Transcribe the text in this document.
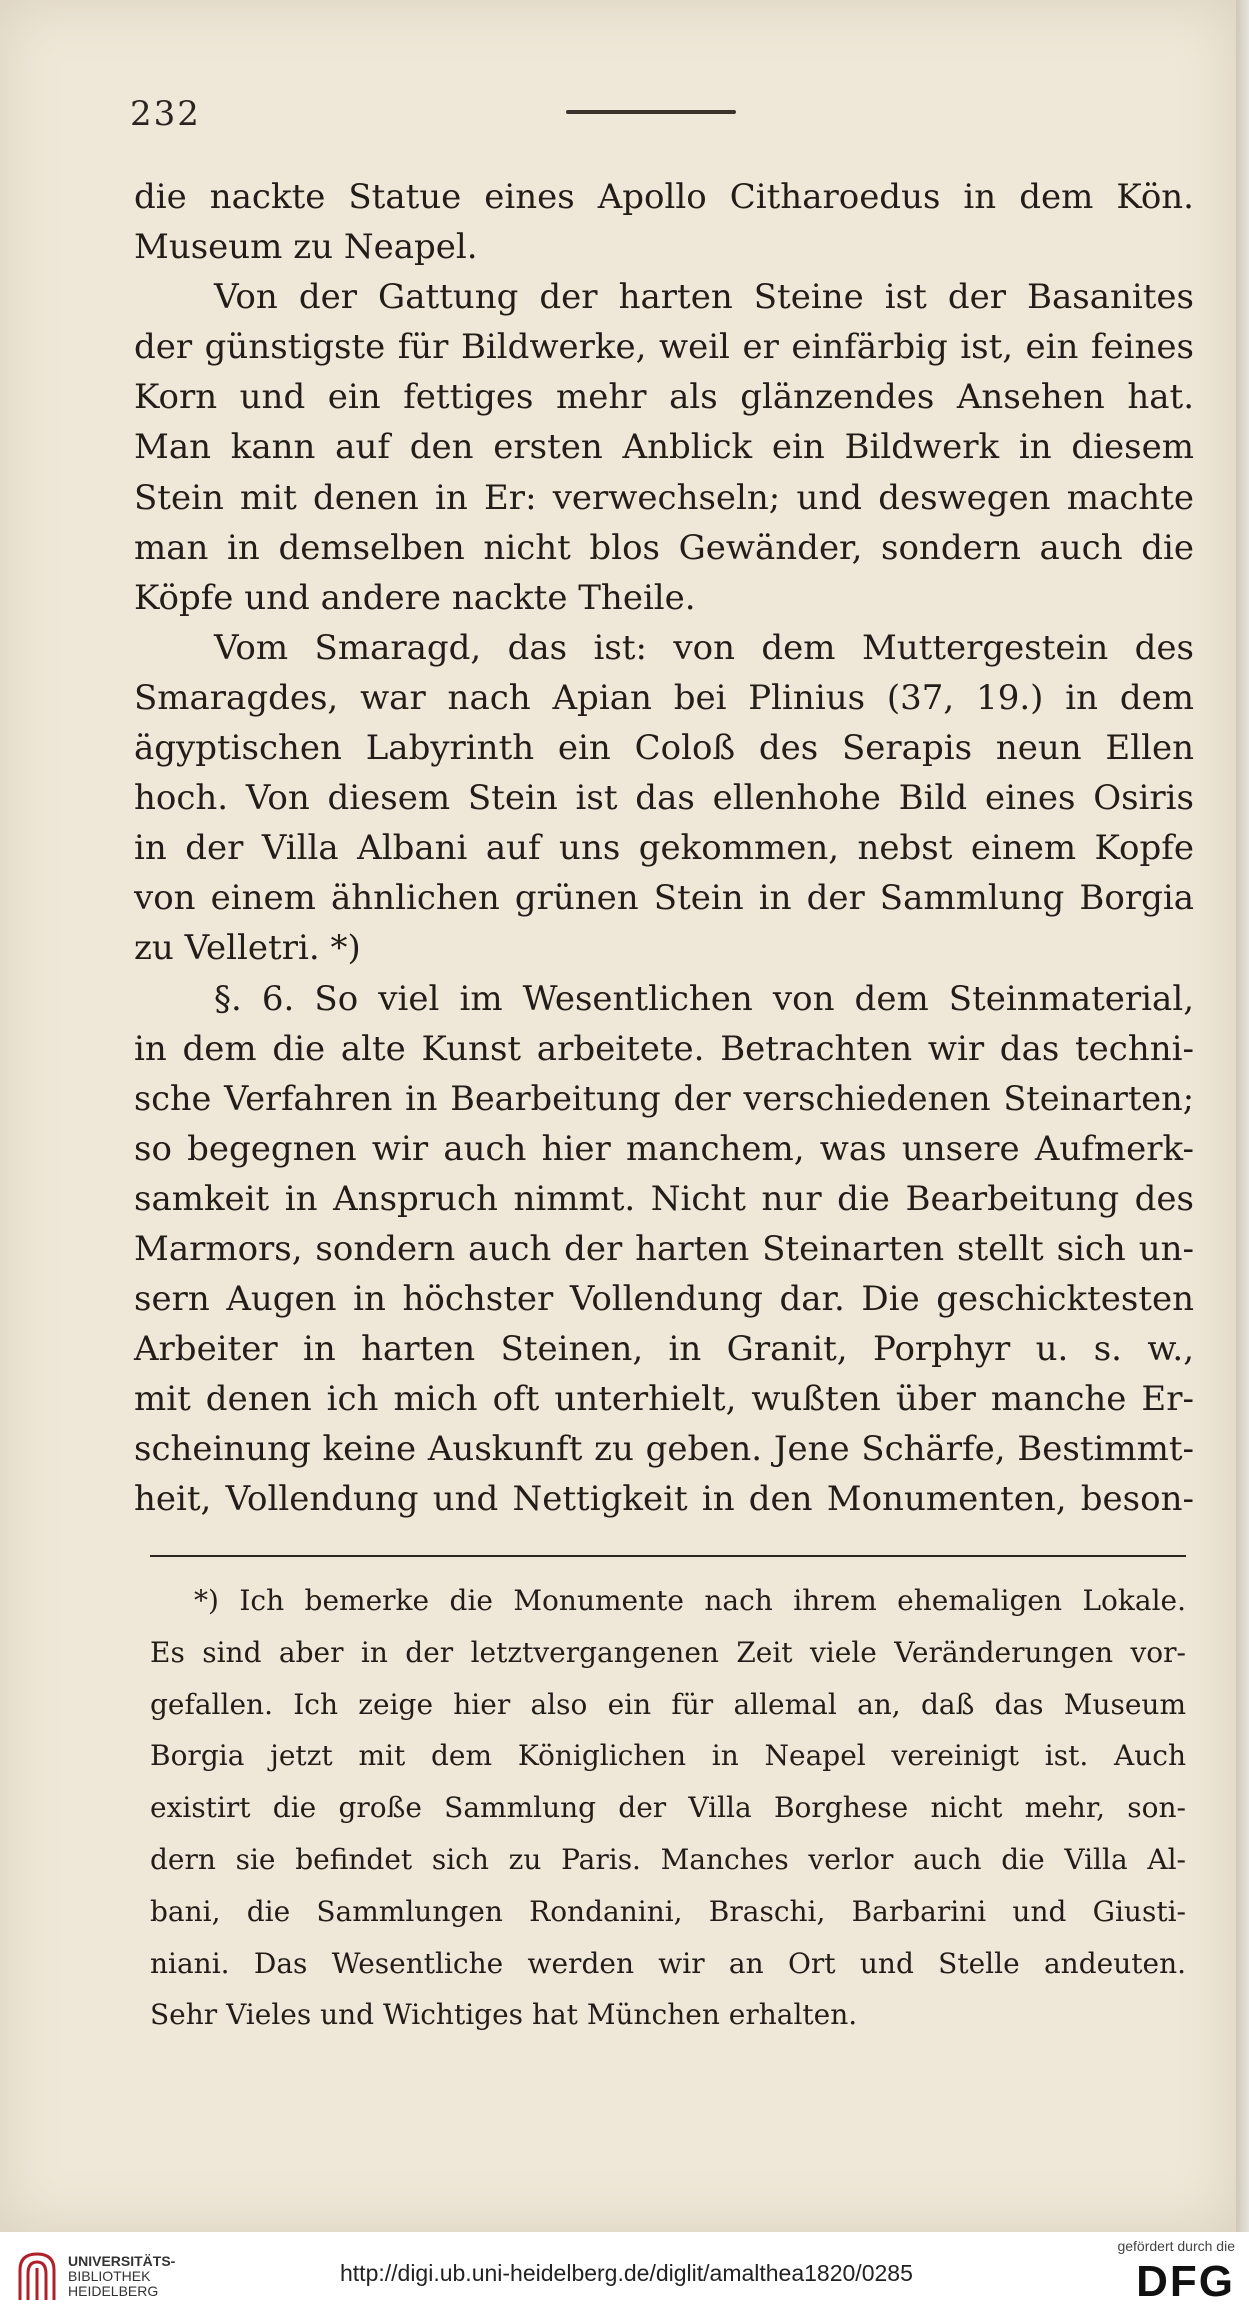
232
die nackte Statue eines Apollo Citharoedus in dem Kön.
Museum zu Neapel.
Von der Gattung der harten Steine ist der Basanites
der günstigste für Bildwerke, weil er einfärbig ist, ein feines
Korn und ein fettiges mehr als glänzendes Ansehen hat.
Man kann auf den ersten Anblick ein Bildwerk in diesem
Stein mit denen in Er: verwechseln; und deswegen machte
man in demselben nicht blos Gewänder, sondern auch die
Köpfe und andere nackte Theile.
Vom Smaragd, das ist: von dem Muttergestein des
Smaragdes, war nach Apian bei Plinius (37, 19.) in dem
ägyptischen Labyrinth ein Coloß des Serapis neun Ellen
hoch. Von diesem Stein ist das ellenhohe Bild eines Osiris
in der Villa Albani auf uns gekommen, nebst einem Kopfe
von einem ähnlichen grünen Stein in der Sammlung Borgia
zu Velletri. *)
§. 6. So viel im Wesentlichen von dem Steinmaterial,
in dem die alte Kunst arbeitete. Betrachten wir das techni-
sche Verfahren in Bearbeitung der verschiedenen Steinarten;
so begegnen wir auch hier manchem, was unsere Aufmerk-
samkeit in Anspruch nimmt. Nicht nur die Bearbeitung des
Marmors, sondern auch der harten Steinarten stellt sich un-
sern Augen in höchster Vollendung dar. Die geschicktesten
Arbeiter in harten Steinen, in Granit, Porphyr u. s. w.,
mit denen ich mich oft unterhielt, wußten über manche Er-
scheinung keine Auskunft zu geben. Jene Schärfe, Bestimmt-
heit, Vollendung und Nettigkeit in den Monumenten, beson-
*) Ich bemerke die Monumente nach ihrem ehemaligen Lokale.
Es sind aber in der letztvergangenen Zeit viele Veränderungen vor-
gefallen. Ich zeige hier also ein für allemal an, daß das Museum
Borgia jetzt mit dem Königlichen in Neapel vereinigt ist. Auch
existirt die große Sammlung der Villa Borghese nicht mehr, son-
dern sie befindet sich zu Paris. Manches verlor auch die Villa Al-
bani, die Sammlungen Rondanini, Braschi, Barbarini und Giusti-
niani. Das Wesentliche werden wir an Ort und Stelle andeuten.
Sehr Vieles und Wichtiges hat München erhalten.
UNIVERSITÄTS-
BIBLIOTHEK
HEIDELBERG
http://digi.ub.uni-heidelberg.de/diglit/amalthea1820/0285
gefördert durch die
DFG
